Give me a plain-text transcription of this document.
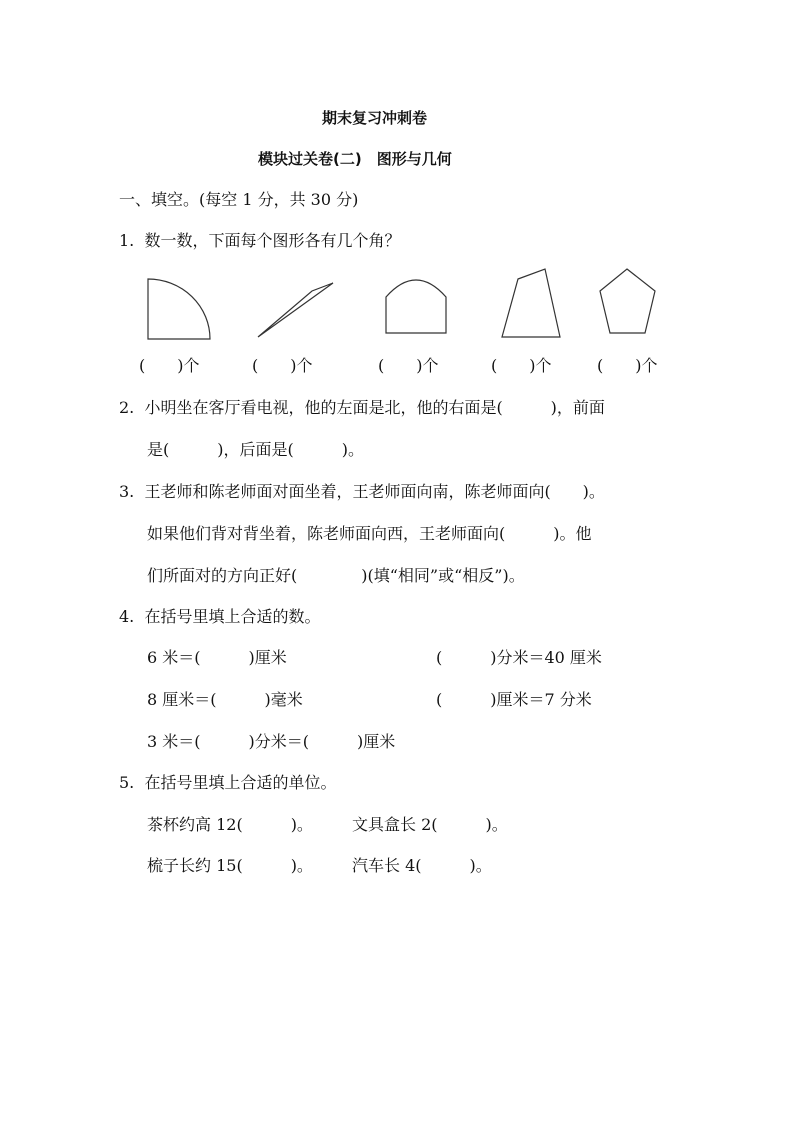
期末复习冲刺卷
模块过关卷(二)　图形与几何
一、填空。(每空 1 分，共 30 分)
1.  数一数，下面每个图形各有几个角？
(　　)个	(　　)个	(　　)个	(　　)个	(　　)个
2.  小明坐在客厅看电视，他的左面是北，他的右面是(　　　)，前面
是(　　　)，后面是(　　　)。
3.  王老师和陈老师面对面坐着，王老师面向南，陈老师面向(　　)。
如果他们背对背坐着，陈老师面向西，王老师面向(　　　)。他
们所面对的方向正好(　　　　)(填“相同”或“相反”)。
4.  在括号里填上合适的数。
6 米＝(　　　)厘米	(　　　)分米＝40 厘米
8 厘米＝(　　　)毫米	(　　　)厘米＝7 分米
3 米＝(　　　)分米＝(　　　)厘米
5.  在括号里填上合适的单位。
茶杯约高 12(　　　)。 文具盒长 2(　　　)。
梳子长约 15(　　　)。 汽车长 4(　　　)。
